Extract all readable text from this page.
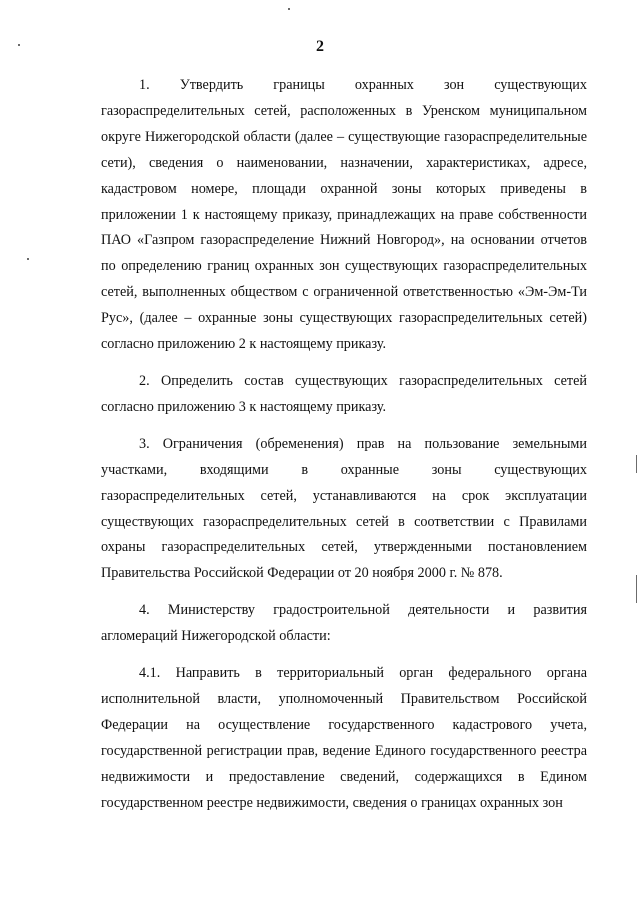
2

1. Утвердить границы охранных зон существующих газораспределительных сетей, расположенных в Уренском муниципальном округе Нижегородской области (далее – существующие газораспределительные сети), сведения о наименовании, назначении, характеристиках, адресе, кадастровом номере, площади охранной зоны которых приведены в приложении 1 к настоящему приказу, принадлежащих на праве собственности ПАО «Газпром газораспределение Нижний Новгород», на основании отчетов по определению границ охранных зон существующих газораспределительных сетей, выполненных обществом с ограниченной ответственностью «Эм-Эм-Ти Рус», (далее – охранные зоны существующих газораспределительных сетей) согласно приложению 2 к настоящему приказу.

2. Определить состав существующих газораспределительных сетей согласно приложению 3 к настоящему приказу.

3. Ограничения (обременения) прав на пользование земельными участками, входящими в охранные зоны существующих газораспределительных сетей, устанавливаются на срок эксплуатации существующих газораспределительных сетей в соответствии с Правилами охраны газораспределительных сетей, утвержденными постановлением Правительства Российской Федерации от 20 ноября 2000 г. № 878.

4. Министерству градостроительной деятельности и развития агломераций Нижегородской области:

4.1. Направить в территориальный орган федерального органа исполнительной власти, уполномоченный Правительством Российской Федерации на осуществление государственного кадастрового учета, государственной регистрации прав, ведение Единого государственного реестра недвижимости и предоставление сведений, содержащихся в Едином государственном реестре недвижимости, сведения о границах охранных зон
